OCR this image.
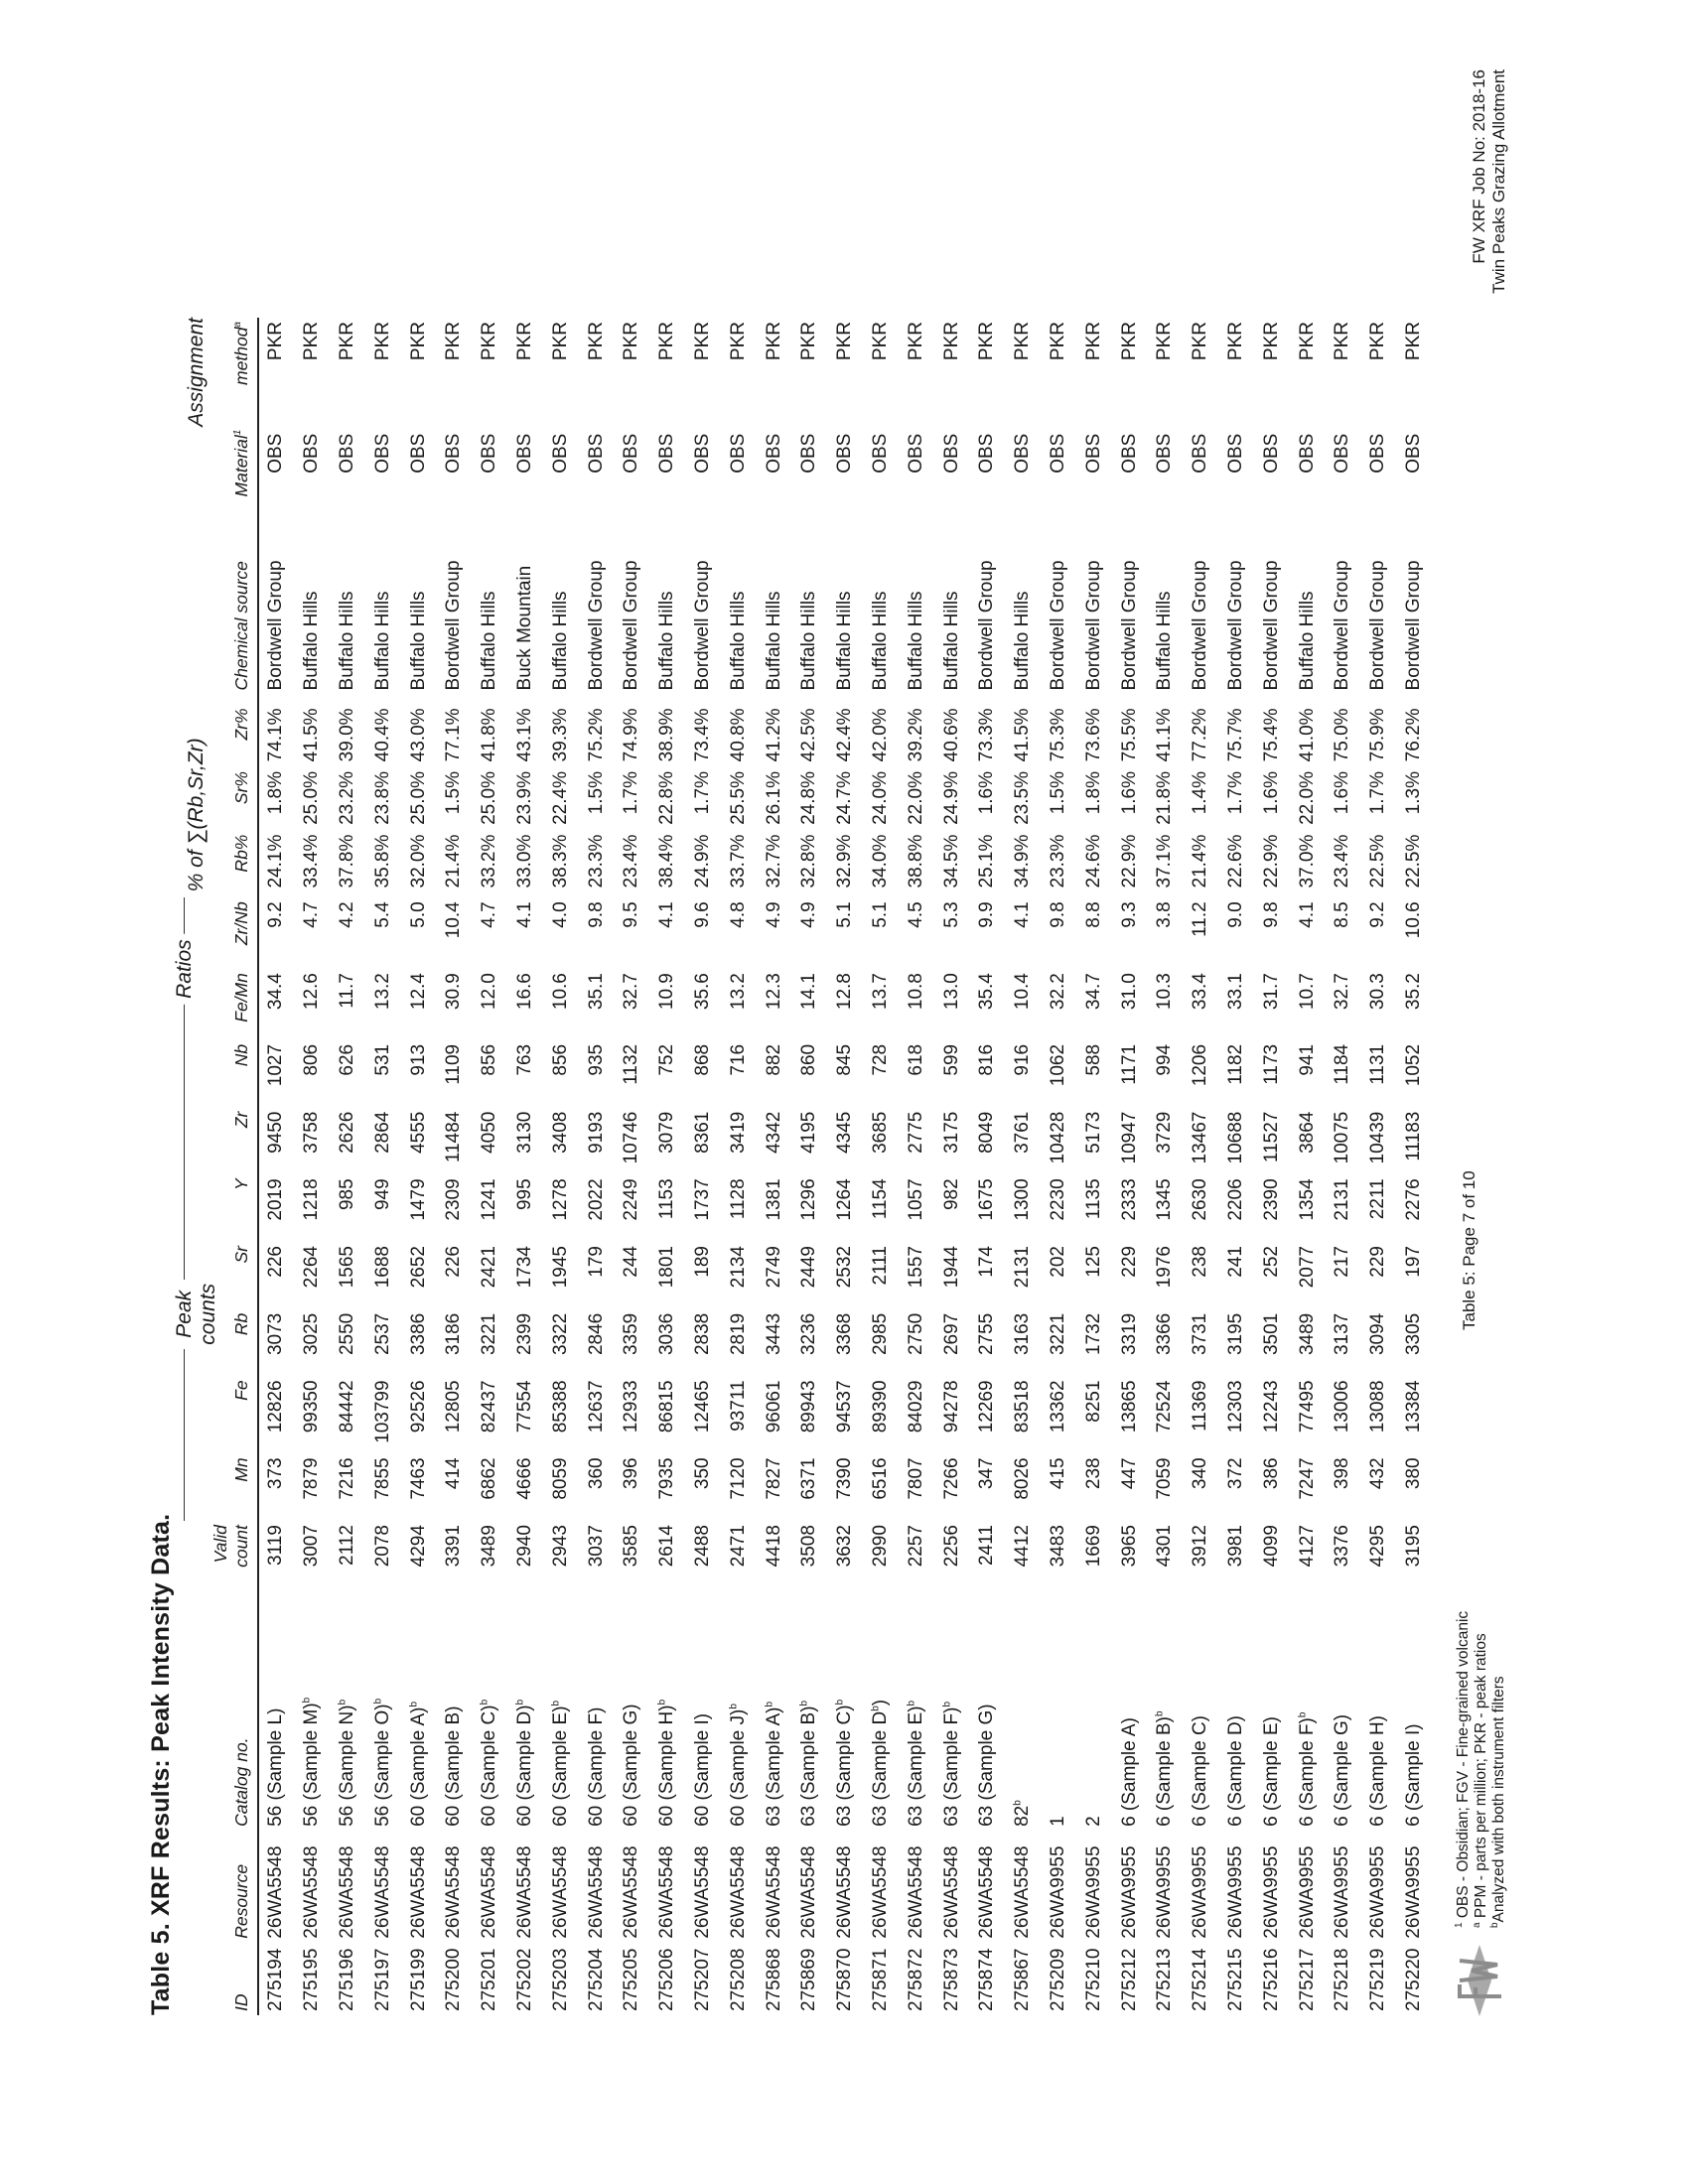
Table 5. XRF Results: Peak Intensity Data.

				Peak counts							Ratios		% of ∑(Rb,Sr,Zr)					Assignment
ID	Resource	Catalog no.	Valid count	Mn	Fe	Rb	Sr	Y	Zr	Nb	Fe/Mn	Zr/Nb	Rb%	Sr%	Zr%	Chemical source	Material$^1$	method$^a$
275194	26WA5548	56 (Sample L)	3119	373	12826	3073	226	2019	9450	1027	34.4	9.2	24.1%	1.8%	74.1%	Bordwell Group	OBS	PKR
275195	26WA5548	56 (Sample M)$^b$	3007	7879	99350	3025	2264	1218	3758	806	12.6	4.7	33.4%	25.0%	41.5%	Buffalo Hills	OBS	PKR
275196	26WA5548	56 (Sample N)$^b$	2112	7216	84442	2550	1565	985	2626	626	11.7	4.2	37.8%	23.2%	39.0%	Buffalo Hills	OBS	PKR
275197	26WA5548	56 (Sample O)$^b$	2078	7855	103799	2537	1688	949	2864	531	13.2	5.4	35.8%	23.8%	40.4%	Buffalo Hills	OBS	PKR
275199	26WA5548	60 (Sample A)$^b$	4294	7463	92526	3386	2652	1479	4555	913	12.4	5.0	32.0%	25.0%	43.0%	Buffalo Hills	OBS	PKR
275200	26WA5548	60 (Sample B)	3391	414	12805	3186	226	2309	11484	1109	30.9	10.4	21.4%	1.5%	77.1%	Bordwell Group	OBS	PKR
275201	26WA5548	60 (Sample C)$^b$	3489	6862	82437	3221	2421	1241	4050	856	12.0	4.7	33.2%	25.0%	41.8%	Buffalo Hills	OBS	PKR
275202	26WA5548	60 (Sample D)$^b$	2940	4666	77554	2399	1734	995	3130	763	16.6	4.1	33.0%	23.9%	43.1%	Buck Mountain	OBS	PKR
275203	26WA5548	60 (Sample E)$^b$	2943	8059	85388	3322	1945	1278	3408	856	10.6	4.0	38.3%	22.4%	39.3%	Buffalo Hills	OBS	PKR
275204	26WA5548	60 (Sample F)	3037	360	12637	2846	179	2022	9193	935	35.1	9.8	23.3%	1.5%	75.2%	Bordwell Group	OBS	PKR
275205	26WA5548	60 (Sample G)	3585	396	12933	3359	244	2249	10746	1132	32.7	9.5	23.4%	1.7%	74.9%	Bordwell Group	OBS	PKR
275206	26WA5548	60 (Sample H)$^b$	2614	7935	86815	3036	1801	1153	3079	752	10.9	4.1	38.4%	22.8%	38.9%	Buffalo Hills	OBS	PKR
275207	26WA5548	60 (Sample I)	2488	350	12465	2838	189	1737	8361	868	35.6	9.6	24.9%	1.7%	73.4%	Bordwell Group	OBS	PKR
275208	26WA5548	60 (Sample J)$^b$	2471	7120	93711	2819	2134	1128	3419	716	13.2	4.8	33.7%	25.5%	40.8%	Buffalo Hills	OBS	PKR
275868	26WA5548	63 (Sample A)$^b$	4418	7827	96061	3443	2749	1381	4342	882	12.3	4.9	32.7%	26.1%	41.2%	Buffalo Hills	OBS	PKR
275869	26WA5548	63 (Sample B)$^b$	3508	6371	89943	3236	2449	1296	4195	860	14.1	4.9	32.8%	24.8%	42.5%	Buffalo Hills	OBS	PKR
275870	26WA5548	63 (Sample C)$^b$	3632	7390	94537	3368	2532	1264	4345	845	12.8	5.1	32.9%	24.7%	42.4%	Buffalo Hills	OBS	PKR
275871	26WA5548	63 (Sample $D^b$)	2990	6516	89390	2985	2111	1154	3685	728	13.7	5.1	34.0%	24.0%	42.0%	Buffalo Hills	OBS	PKR
275872	26WA5548	63 (Sample E)$^b$	2257	7807	84029	2750	1557	1057	2775	618	10.8	4.5	38.8%	22.0%	39.2%	Buffalo Hills	OBS	PKR
275873	26WA5548	63 (Sample F)$^b$	2256	7266	94278	2697	1944	982	3175	599	13.0	5.3	34.5%	24.9%	40.6%	Buffalo Hills	OBS	PKR
275874	26WA5548	63 (Sample G)	2411	347	12269	2755	174	1675	8049	816	35.4	9.9	25.1%	1.6%	73.3%	Bordwell Group	OBS	PKR
275867	26WA5548	82$^b$	4412	8026	83518	3163	2131	1300	3761	916	10.4	4.1	34.9%	23.5%	41.5%	Buffalo Hills	OBS	PKR
275209	26WA9955	1	3483	415	13362	3221	202	2230	10428	1062	32.2	9.8	23.3%	1.5%	75.3%	Bordwell Group	OBS	PKR
275210	26WA9955	2	1669	238	8251	1732	125	1135	5173	588	34.7	8.8	24.6%	1.8%	73.6%	Bordwell Group	OBS	PKR
275212	26WA9955	6 (Sample A)	3965	447	13865	3319	229	2333	10947	1171	31.0	9.3	22.9%	1.6%	75.5%	Bordwell Group	OBS	PKR
275213	26WA9955	6 (Sample B)$^b$	4301	7059	72524	3366	1976	1345	3729	994	10.3	3.8	37.1%	21.8%	41.1%	Buffalo Hills	OBS	PKR
275214	26WA9955	6 (Sample C)	3912	340	11369	3731	238	2630	13467	1206	33.4	11.2	21.4%	1.4%	77.2%	Bordwell Group	OBS	PKR
275215	26WA9955	6 (Sample D)	3981	372	12303	3195	241	2206	10688	1182	33.1	9.0	22.6%	1.7%	75.7%	Bordwell Group	OBS	PKR
275216	26WA9955	6 (Sample E)	4099	386	12243	3501	252	2390	11527	1173	31.7	9.8	22.9%	1.6%	75.4%	Bordwell Group	OBS	PKR
275217	26WA9955	6 (Sample F)$^b$	4127	7247	77495	3489	2077	1354	3864	941	10.7	4.1	37.0%	22.0%	41.0%	Buffalo Hills	OBS	PKR
275218	26WA9955	6 (Sample G)	3376	398	13006	3137	217	2131	10075	1184	32.7	8.5	23.4%	1.6%	75.0%	Bordwell Group	OBS	PKR
275219	26WA9955	6 (Sample H)	4295	432	13088	3094	229	2211	10439	1131	30.3	9.2	22.5%	1.7%	75.9%	Bordwell Group	OBS	PKR
275220	26WA9955	6 (Sample I)	3195	380	13384	3305	197	2276	11183	1052	35.2	10.6	22.5%	1.3%	76.2%	Bordwell Group	OBS	PKR
$^1$ OBS - Obsidian; FGV - Fine-grained volcanic
$^a$ PPM - parts per million; PKR - peak ratios
$^b$Analyzed with both instrument filters
Table 5: Page 7 of 10
FW XRF Job No: 2018-16 Twin Peaks Grazing Allotment
